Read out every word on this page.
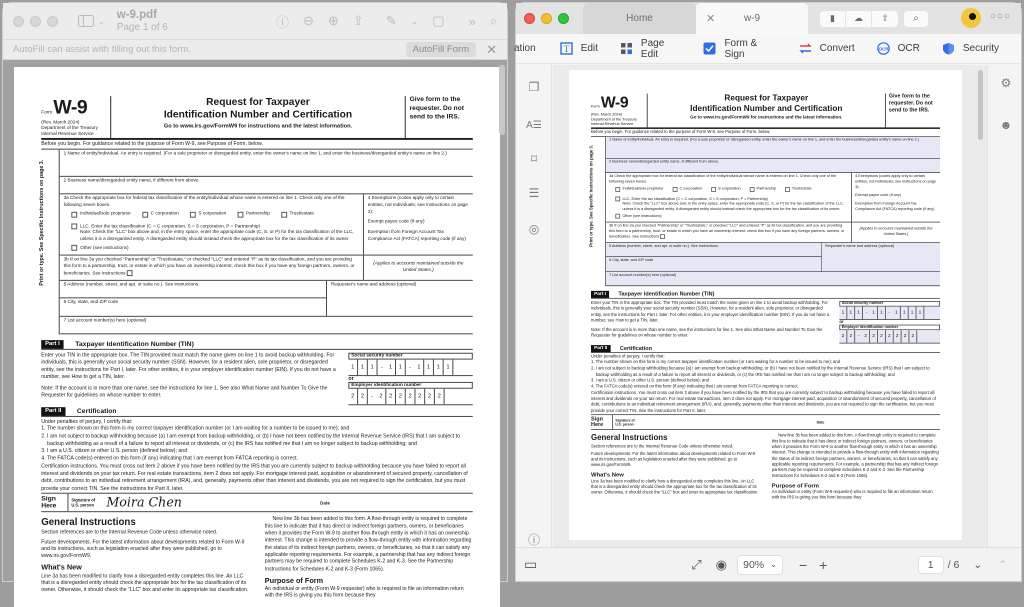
⌄ w-9.pdf
Page 1 of 6	ⓘ ⊖ ⊕ ⇪ ✎ ⌄ ▢ » ⌕
AutoFill can assist with filling out this form.	AutoFill Form	✕
Form W-9
(Rev. March 2024)
Department of the Treasury
Internal Revenue Service
Request for Taxpayer
Identification Number and Certification
Go to www.irs.gov/FormW9 for instructions and the latest information.
Give form to the requester. Do not send to the IRS.
Before you begin. For guidance related to the purpose of Form W-9, see Purpose of Form, below.
Print or type. See Specific Instructions on page 3.
1 Name of entity/individual. An entry is required. (For a sole proprietor or disregarded entity, enter the owner's name on line 1, and enter the business/disregarded entity's name on line 2.)
2 Business name/disregarded entity name, if different from above.
3a Check the appropriate box for federal tax classification of the entity/individual whose name is entered on line 1. Check only one of the following seven boxes.
Individual/sole proprietor
	C corporation
	S corporation
	Partnership
	Trust/estate
LLC. Enter the tax classification (C = C corporation, S = S corporation, P = Partnership)
Note: Check the "LLC" box above and, in the entry space, enter the appropriate code (C, S, or P) for the tax classification of the LLC, unless it is a disregarded entity. A disregarded entity should instead check the appropriate box for the tax classification of its owner.
Other (see instructions)
4 Exemptions (codes apply only to certain entities, not individuals; see instructions on page 3):
Exempt payee code (if any)
Exemption from Foreign Account Tax Compliance Act (FATCA) reporting code (if any)
3b If on line 3a you checked "Partnership" or "Trust/estate," or checked "LLC" and entered "P" as its tax classification, and you are providing this form to a partnership, trust, or estate in which you have an ownership interest, check this box if you have any foreign partners, owners, or beneficiaries. See instructions
(Applies to accounts maintained outside the United States.)
5 Address (number, street, and apt. or suite no.). See instructions.
6 City, state, and ZIP code
Requester's name and address (optional)
7 List account number(s) here (optional)
Part I	Taxpayer Identification Number (TIN)
Enter your TIN in the appropriate box. The TIN provided must match the name given on line 1 to avoid backup withholding. For individuals, this is generally your social security number (SSN). However, for a resident alien, sole proprietor, or disregarded entity, see the instructions for Part I, later. For other entities, it is your employer identification number (EIN). If you do not have a number, see How to get a TIN, later.
Note: If the account is in more than one name, see the instructions for line 1. See also What Name and Number To Give the Requester for guidelines on whose number to enter.
Social security number
1	1	1	-	1	1	-	1	1	1	1
or
Employer identification number
2	2	-	2	2	2	2	2	2	2
Part II	Certification
Under penalties of perjury, I certify that:
1. The number shown on this form is my correct taxpayer identification number (or I am waiting for a number to be issued to me); and
2. I am not subject to backup withholding because (a) I am exempt from backup withholding, or (b) I have not been notified by the Internal Revenue Service (IRS) that I am subject to backup withholding as a result of a failure to report all interest or dividends, or (c) the IRS has notified me that I am no longer subject to backup withholding; and
3. I am a U.S. citizen or other U.S. person (defined below); and
4. The FATCA code(s) entered on this form (if any) indicating that I am exempt from FATCA reporting is correct.
Certification instructions. You must cross out item 2 above if you have been notified by the IRS that you are currently subject to backup withholding because you have failed to report all interest and dividends on your tax return. For real estate transactions, item 2 does not apply. For mortgage interest paid, acquisition or abandonment of secured property, cancellation of debt, contributions to an individual retirement arrangement (IRA), and, generally, payments other than interest and dividends, you are not required to sign the certification, but you must provide your correct TIN. See the instructions for Part II, later.
Sign Here
Signature of U.S. person Moira Chen	Date
General Instructions

Section references are to the Internal Revenue Code unless otherwise noted.

Future developments. For the latest information about developments related to Form W-9 and its instructions, such as legislation enacted after they were published, go to www.irs.gov/FormW9.

What's New

Line 3a has been modified to clarify how a disregarded entity completes this line. An LLC that is a disregarded entity should check the appropriate box for the tax classification of its owner. Otherwise, it should check the "LLC" box and enter its appropriate tax classification.

New line 3b has been added to this form. A flow-through entity is required to complete this line to indicate that it has direct or indirect foreign partners, owners, or beneficiaries when it provides the Form W-9 to another flow-through entity in which it has an ownership interest. This change is intended to provide a flow-through entity with information regarding the status of its indirect foreign partners, owners, or beneficiaries, so that it can satisfy any applicable reporting requirements. For example, a partnership that has any indirect foreign partners may be required to complete Schedules K-2 and K-3. See the Partnership Instructions for Schedules K-2 and K-3 (Form 1065).

Purpose of Form

An individual or entity (Form W-9 requester) who is required to file an information return with the IRS is giving you this form because they

Home	✕	w-9	▮	☁	⇧	⌕	○○○
ation	T Edit	Page Edit
Form & Sign	Convert	OCR OCR	Security
❐
A☰
⌑
☰
◎
ⓘ
Form W-9
(Rev. March 2024)
Department of the Treasury
Internal Revenue Service
Request for Taxpayer
Identification Number and Certification
Go to www.irs.gov/FormW9 for instructions and the latest information.
Give form to the requester. Do not send to the IRS.
Before you begin. For guidance related to the purpose of Form W-9, see Purpose of Form, below.
Print or type. See Specific Instructions on page 3.
1 Name of entity/individual. An entry is required. (For a sole proprietor or disregarded entity, enter the owner's name on line 1, and enter the business/disregarded entity's name on line 2.)
2 Business name/disregarded entity name, if different from above.
3a Check the appropriate box for federal tax classification of the entity/individual whose name is entered on line 1. Check only one of the following seven boxes.
Individual/sole proprietor
	C corporation
	S corporation
	Partnership
	Trust/estate
LLC. Enter the tax classification (C = C corporation, S = S corporation, P = Partnership)
Note: Check the "LLC" box above and, in the entry space, enter the appropriate code (C, S, or P) for the tax classification of the LLC, unless it is a disregarded entity. A disregarded entity should instead check the appropriate box for the tax classification of its owner.
Other (see instructions)
4 Exemptions (codes apply only to certain entities, not individuals; see instructions on page 3):
Exempt payee code (if any)
Exemption from Foreign Account Tax Compliance Act (FATCA) reporting code (if any)
3b If on line 3a you checked "Partnership" or "Trust/estate," or checked "LLC" and entered "P" as its tax classification, and you are providing this form to a partnership, trust, or estate in which you have an ownership interest, check this box if you have any foreign partners, owners, or beneficiaries. See instructions
(Applies to accounts maintained outside the United States.)
5 Address (number, street, and apt. or suite no.). See instructions.
6 City, state, and ZIP code
Requester's name and address (optional)
7 List account number(s) here (optional)
Part I	Taxpayer Identification Number (TIN)
Enter your TIN in the appropriate box. The TIN provided must match the name given on line 1 to avoid backup withholding. For individuals, this is generally your social security number (SSN). However, for a resident alien, sole proprietor, or disregarded entity, see the instructions for Part I, later. For other entities, it is your employer identification number (EIN). If you do not have a number, see How to get a TIN, later.
Note: If the account is in more than one name, see the instructions for line 1. See also What Name and Number To Give the Requester for guidelines on whose number to enter.
Social security number
1 1 1 - 1 1 - 1 1 1 1
or
Employer identification number
2 2 - 2 2 2 2 2 2 2
Part II	Certification
Under penalties of perjury, I certify that:
1. The number shown on this form is my correct taxpayer identification number (or I am waiting for a number to be issued to me); and
2. I am not subject to backup withholding because (a) I am exempt from backup withholding, or (b) I have not been notified by the Internal Revenue Service (IRS) that I am subject to backup withholding as a result of a failure to report all interest or dividends, or (c) the IRS has notified me that I am no longer subject to backup withholding; and
3. I am a U.S. citizen or other U.S. person (defined below); and
4. The FATCA code(s) entered on this form (if any) indicating that I am exempt from FATCA reporting is correct.
Certification instructions. You must cross out item 2 above if you have been notified by the IRS that you are currently subject to backup withholding because you have failed to report all interest and dividends on your tax return. For real estate transactions, item 2 does not apply. For mortgage interest paid, acquisition or abandonment of secured property, cancellation of debt, contributions to an individual retirement arrangement (IRA), and, generally, payments other than interest and dividends, you are not required to sign the certification, but you must provide your correct TIN. See the instructions for Part II, later.
Sign Here
Signature of U.S. person	Date
General Instructions

Section references are to the Internal Revenue Code unless otherwise noted.

Future developments. For the latest information about developments related to Form W-9 and its instructions, such as legislation enacted after they were published, go to www.irs.gov/FormW9.

What's New

Line 3a has been modified to clarify how a disregarded entity completes this line. An LLC that is a disregarded entity should check the appropriate box for the tax classification of its owner. Otherwise, it should check the "LLC" box and enter its appropriate tax classification.

New line 3b has been added to this form. A flow-through entity is required to complete this line to indicate that it has direct or indirect foreign partners, owners, or beneficiaries when it provides the Form W-9 to another flow-through entity in which it has an ownership interest. This change is intended to provide a flow-through entity with information regarding the status of its indirect foreign partners, owners, or beneficiaries, so that it can satisfy any applicable reporting requirements. For example, a partnership that has any indirect foreign partners may be required to complete Schedules K-2 and K-3. See the Partnership Instructions for Schedules K-2 and K-3 (Form 1065).

Purpose of Form

An individual or entity (Form W-9 requester) who is required to file an information return with the IRS is giving you this form because they

⚙
☻
▭	⤢ ◉ 90% ⌄ − +	1 / 6 ⌄ ⌃
